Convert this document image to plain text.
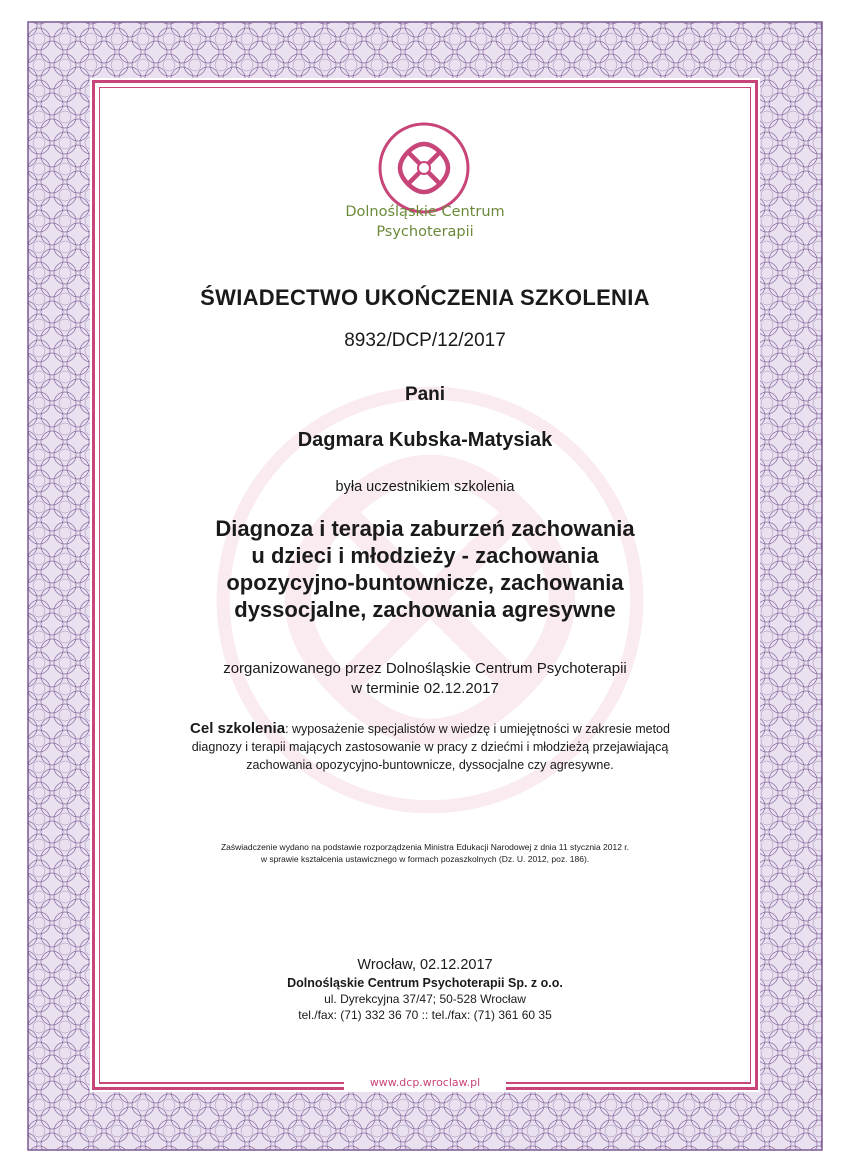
Dolnośląskie Centrum
Psychoterapii
ŚWIADECTWO UKOŃCZENIA SZKOLENIA
8932/DCP/12/2017
Pani
Dagmara Kubska-Matysiak
była uczestnikiem szkolenia
Diagnoza i terapia zaburzeń zachowania
u dzieci i młodzieży - zachowania
opozycyjno-buntownicze, zachowania
dyssocjalne, zachowania agresywne
zorganizowanego przez Dolnośląskie Centrum Psychoterapii
w terminie 02.12.2017
Cel szkolenia: wyposażenie specjalistów w wiedzę i umiejętności w zakresie metod
diagnozy i terapii mających zastosowanie w pracy z dziećmi i młodzieżą przejawiającą
zachowania opozycyjno-buntownicze, dyssocjalne czy agresywne.
Zaświadczenie wydano na podstawie rozporządzenia Ministra Edukacji Narodowej z dnia 11 stycznia 2012 r.
w sprawie kształcenia ustawicznego w formach pozaszkolnych (Dz. U. 2012, poz. 186).
Wrocław, 02.12.2017
Dolnośląskie Centrum Psychoterapii Sp. z o.o.
ul. Dyrekcyjna 37/47; 50-528 Wrocław
tel./fax: (71) 332 36 70 :: tel./fax: (71) 361 60 35
www.dcp.wroclaw.pl
